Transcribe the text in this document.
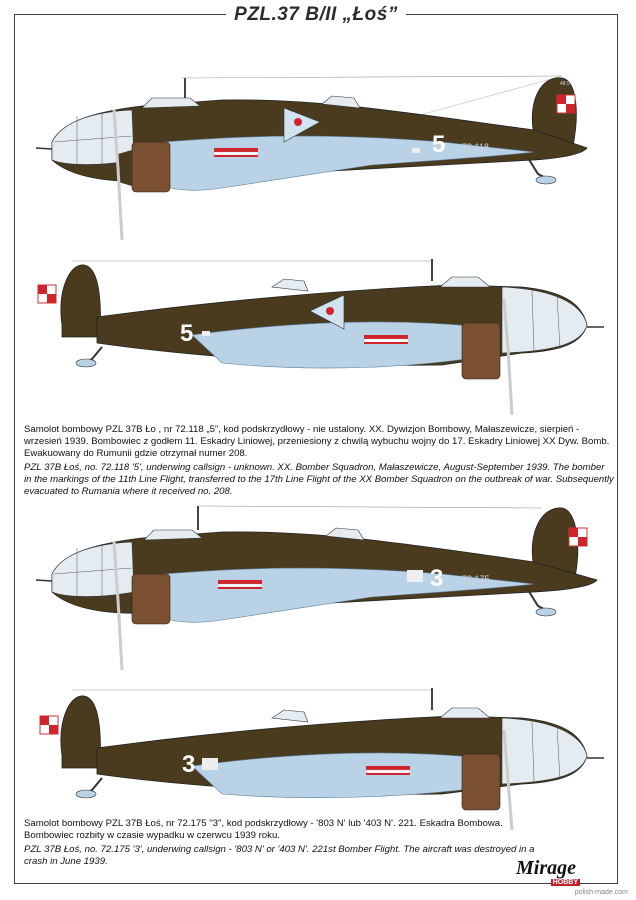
PZL.37 B/II „Łoś”
48.5
5 72.118
5

Samolot bombowy PZL 37B Ło , nr 72.118 „5”, kod podskrzydłowy - nie ustalony. XX. Dywizjon Bombowy, Małaszewicze, sierpień - wrzesień 1939. Bombowiec z godłem 11. Eskadry Liniowej, przeniesiony z chwilą wybuchu wojny do 17. Eskadry Liniowej XX Dyw. Bomb. Ewakuowany do Rumunii gdzie otrzymał numer 208.

PZL 37B Łoś, no. 72.118 '5', underwing callsign - unknown. XX. Bomber Squadron, Małaszewicze, August-September 1939. The bomber in the markings of the 11th Line Flight, transferred to the 17th Line Flight of the XX Bomber Squadron on the outbreak of war. Subsequently evacuated to Rumania where it received no. 208.

3 72.175
3

Samolot bombowy PZL 37B Łoś, nr 72.175 "3", kod podskrzydłowy - '803 N' lub '403 N'. 221. Eskadra Bombowa. Bombowiec rozbity w czasie wypadku w czerwcu 1939 roku.

PZL 37B Łoś, no. 72.175 '3', underwing callsign - '803 N' or '403 N'. 221st Bomber Flight. The aircraft was destroyed in a crash in June 1939.	Mirage
HOBBY
polish-made.com
